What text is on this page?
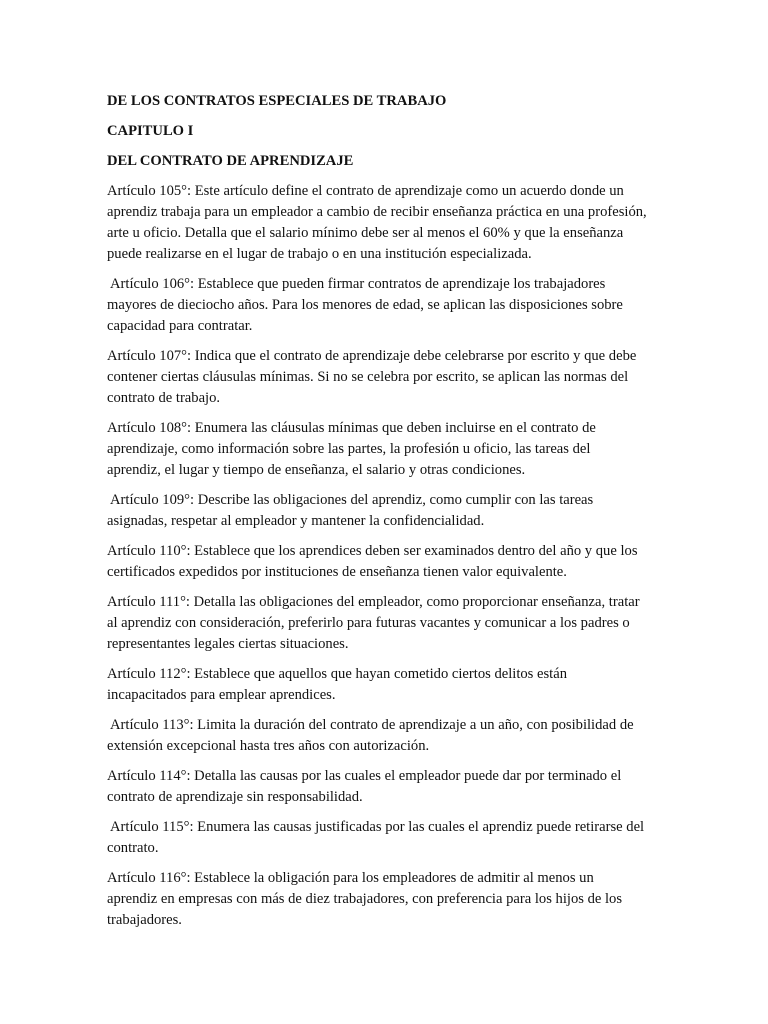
DE LOS CONTRATOS ESPECIALES DE TRABAJO
CAPITULO I
DEL CONTRATO DE APRENDIZAJE

Artículo 105°: Este artículo define el contrato de aprendizaje como un acuerdo donde un aprendiz trabaja para un empleador a cambio de recibir enseñanza práctica en una profesión, arte u oficio. Detalla que el salario mínimo debe ser al menos el 60% y que la enseñanza puede realizarse en el lugar de trabajo o en una institución especializada.

Artículo 106°: Establece que pueden firmar contratos de aprendizaje los trabajadores mayores de dieciocho años. Para los menores de edad, se aplican las disposiciones sobre capacidad para contratar.

Artículo 107°: Indica que el contrato de aprendizaje debe celebrarse por escrito y que debe contener ciertas cláusulas mínimas. Si no se celebra por escrito, se aplican las normas del contrato de trabajo.

Artículo 108°: Enumera las cláusulas mínimas que deben incluirse en el contrato de aprendizaje, como información sobre las partes, la profesión u oficio, las tareas del aprendiz, el lugar y tiempo de enseñanza, el salario y otras condiciones.

Artículo 109°: Describe las obligaciones del aprendiz, como cumplir con las tareas asignadas, respetar al empleador y mantener la confidencialidad.

Artículo 110°: Establece que los aprendices deben ser examinados dentro del año y que los certificados expedidos por instituciones de enseñanza tienen valor equivalente.

Artículo 111°: Detalla las obligaciones del empleador, como proporcionar enseñanza, tratar al aprendiz con consideración, preferirlo para futuras vacantes y comunicar a los padres o representantes legales ciertas situaciones.

Artículo 112°: Establece que aquellos que hayan cometido ciertos delitos están incapacitados para emplear aprendices.

Artículo 113°: Limita la duración del contrato de aprendizaje a un año, con posibilidad de extensión excepcional hasta tres años con autorización.

Artículo 114°: Detalla las causas por las cuales el empleador puede dar por terminado el contrato de aprendizaje sin responsabilidad.

Artículo 115°: Enumera las causas justificadas por las cuales el aprendiz puede retirarse del contrato.

Artículo 116°: Establece la obligación para los empleadores de admitir al menos un aprendiz en empresas con más de diez trabajadores, con preferencia para los hijos de los trabajadores.
